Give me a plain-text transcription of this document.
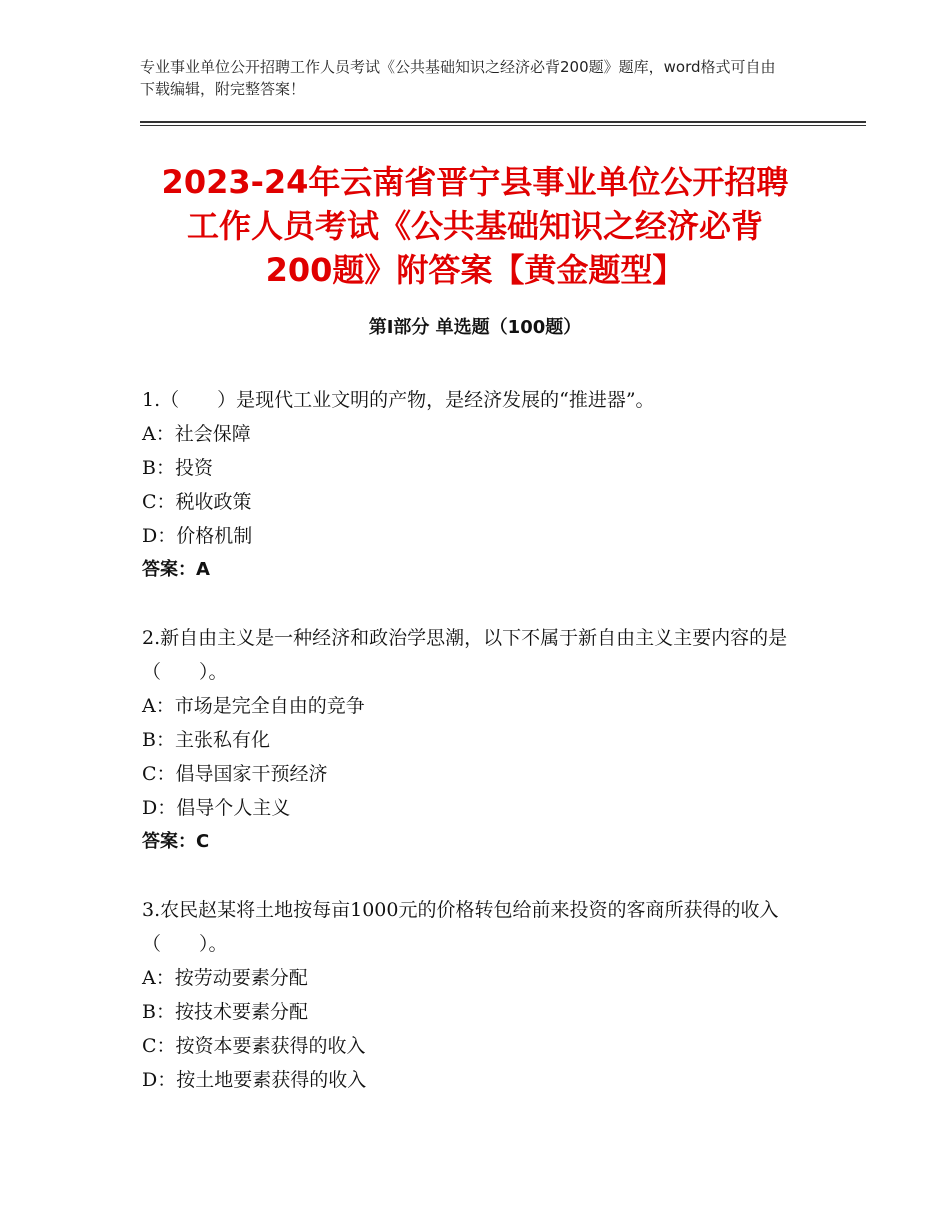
专业事业单位公开招聘工作人员考试《公共基础知识之经济必背200题》题库，word格式可自由下载编辑，附完整答案！
2023-24年云南省晋宁县事业单位公开招聘
工作人员考试《公共基础知识之经济必背
200题》附答案【黄金题型】
第Ⅰ部分 单选题（100题）
1.（　　）是现代工业文明的产物，是经济发展的“推进器”。
A：社会保障
B：投资
C：税收政策
D：价格机制
答案：A
2.新自由主义是一种经济和政治学思潮，以下不属于新自由主义主要内容的是（　　）。
A：市场是完全自由的竞争
B：主张私有化
C：倡导国家干预经济
D：倡导个人主义
答案：C
3.农民赵某将土地按每亩1000元的价格转包给前来投资的客商所获得的收入（　　）。
A：按劳动要素分配
B：按技术要素分配
C：按资本要素获得的收入
D：按土地要素获得的收入
